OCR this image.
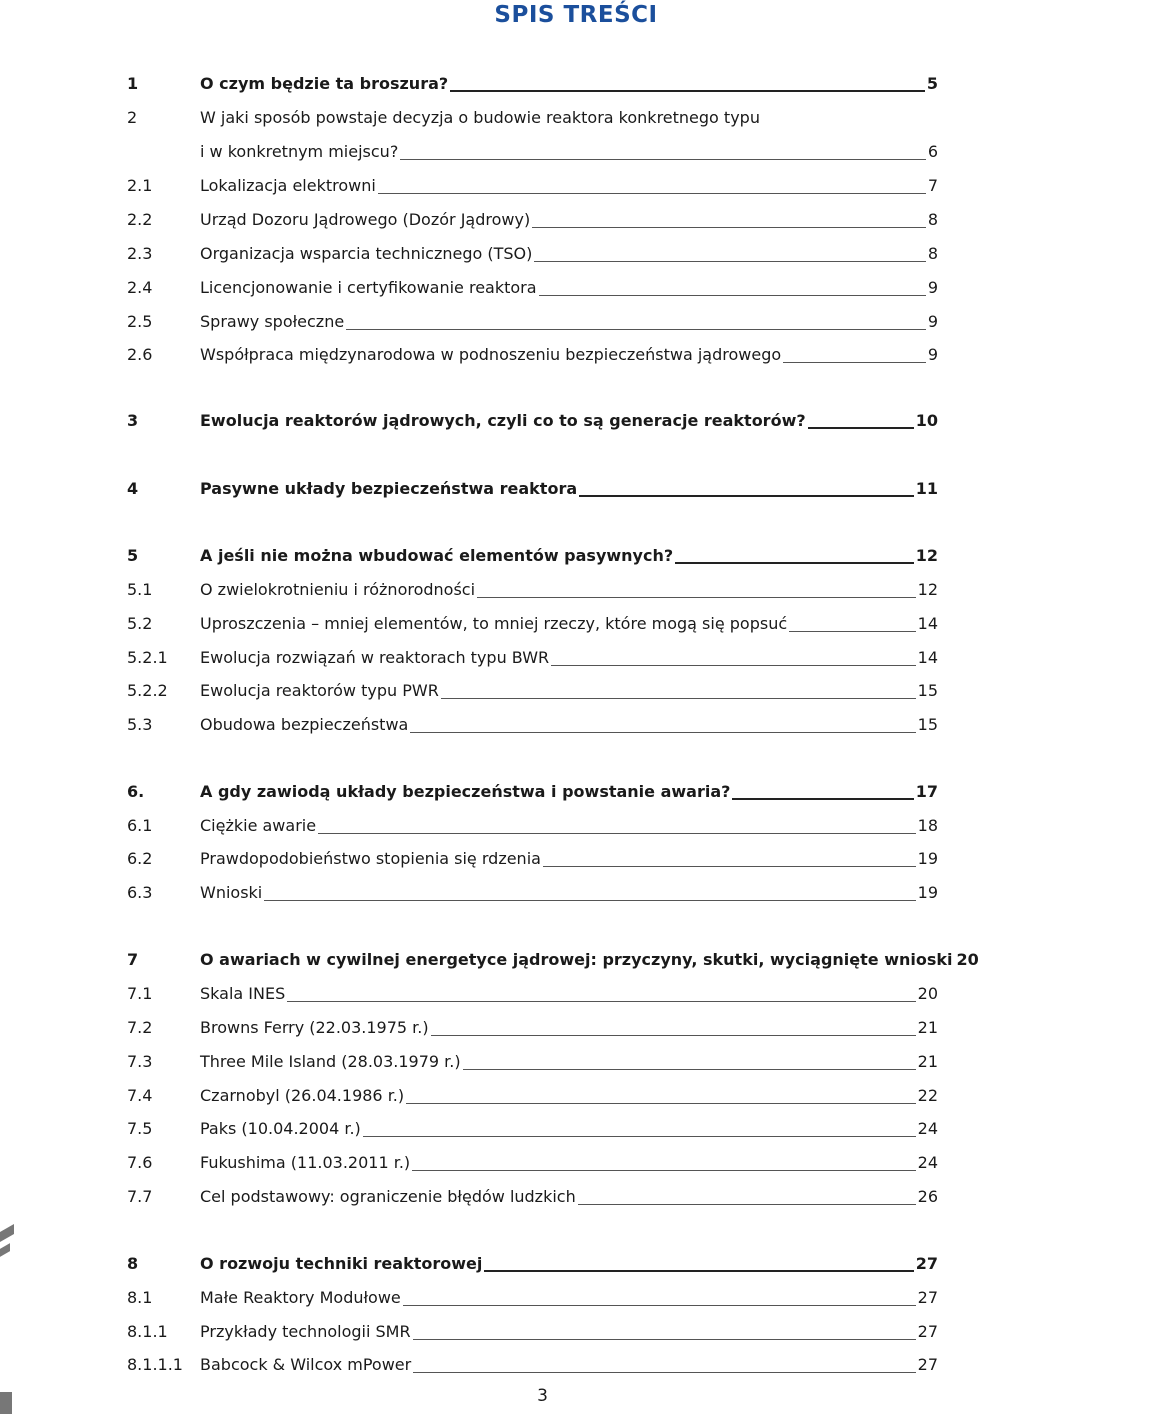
SPIS TREŚCI
1	O czym będzie ta broszura?	5
2	W jaki sposób powstaje decyzja o budowie reaktora konkretnego typu
i w konkretnym miejscu?	6
2.1	Lokalizacja elektrowni	7
2.2	Urząd Dozoru Jądrowego (Dozór Jądrowy)	8
2.3	Organizacja wsparcia technicznego (TSO)	8
2.4	Licencjonowanie i certyfikowanie reaktora	9
2.5	Sprawy społeczne	9
2.6	Współpraca międzynarodowa w podnoszeniu bezpieczeństwa jądrowego	9
3	Ewolucja reaktorów jądrowych, czyli co to są generacje reaktorów?	10
4	Pasywne układy bezpieczeństwa reaktora	11
5	A jeśli nie można wbudować elementów pasywnych?	12
5.1	O zwielokrotnieniu i różnorodności	12
5.2	Uproszczenia – mniej elementów, to mniej rzeczy, które mogą się popsuć	14
5.2.1 Ewolucja rozwiązań w reaktorach typu BWR	14
5.2.2 Ewolucja reaktorów typu PWR	15
5.3	Obudowa bezpieczeństwa	15
6.	A gdy zawiodą układy bezpieczeństwa i powstanie awaria?	17
6.1	Ciężkie awarie	18
6.2	Prawdopodobieństwo stopienia się rdzenia	19
6.3	Wnioski	19
7	O awariach w cywilnej energetyce jądrowej: przyczyny, skutki, wyciągnięte wnioski 20
7.1	Skala INES	20
7.2	Browns Ferry (22.03.1975 r.)	21
7.3	Three Mile Island (28.03.1979 r.)	21
7.4	Czarnobyl (26.04.1986 r.)	22
7.5	Paks (10.04.2004 r.)	24
7.6	Fukushima (11.03.2011 r.)	24
7.7	Cel podstawowy: ograniczenie błędów ludzkich	26
8	O rozwoju techniki reaktorowej	27
8.1	Małe Reaktory Modułowe	27
8.1.1 Przykłady technologii SMR	27
8.1.1.1 Babcock & Wilcox mPower	27
3
